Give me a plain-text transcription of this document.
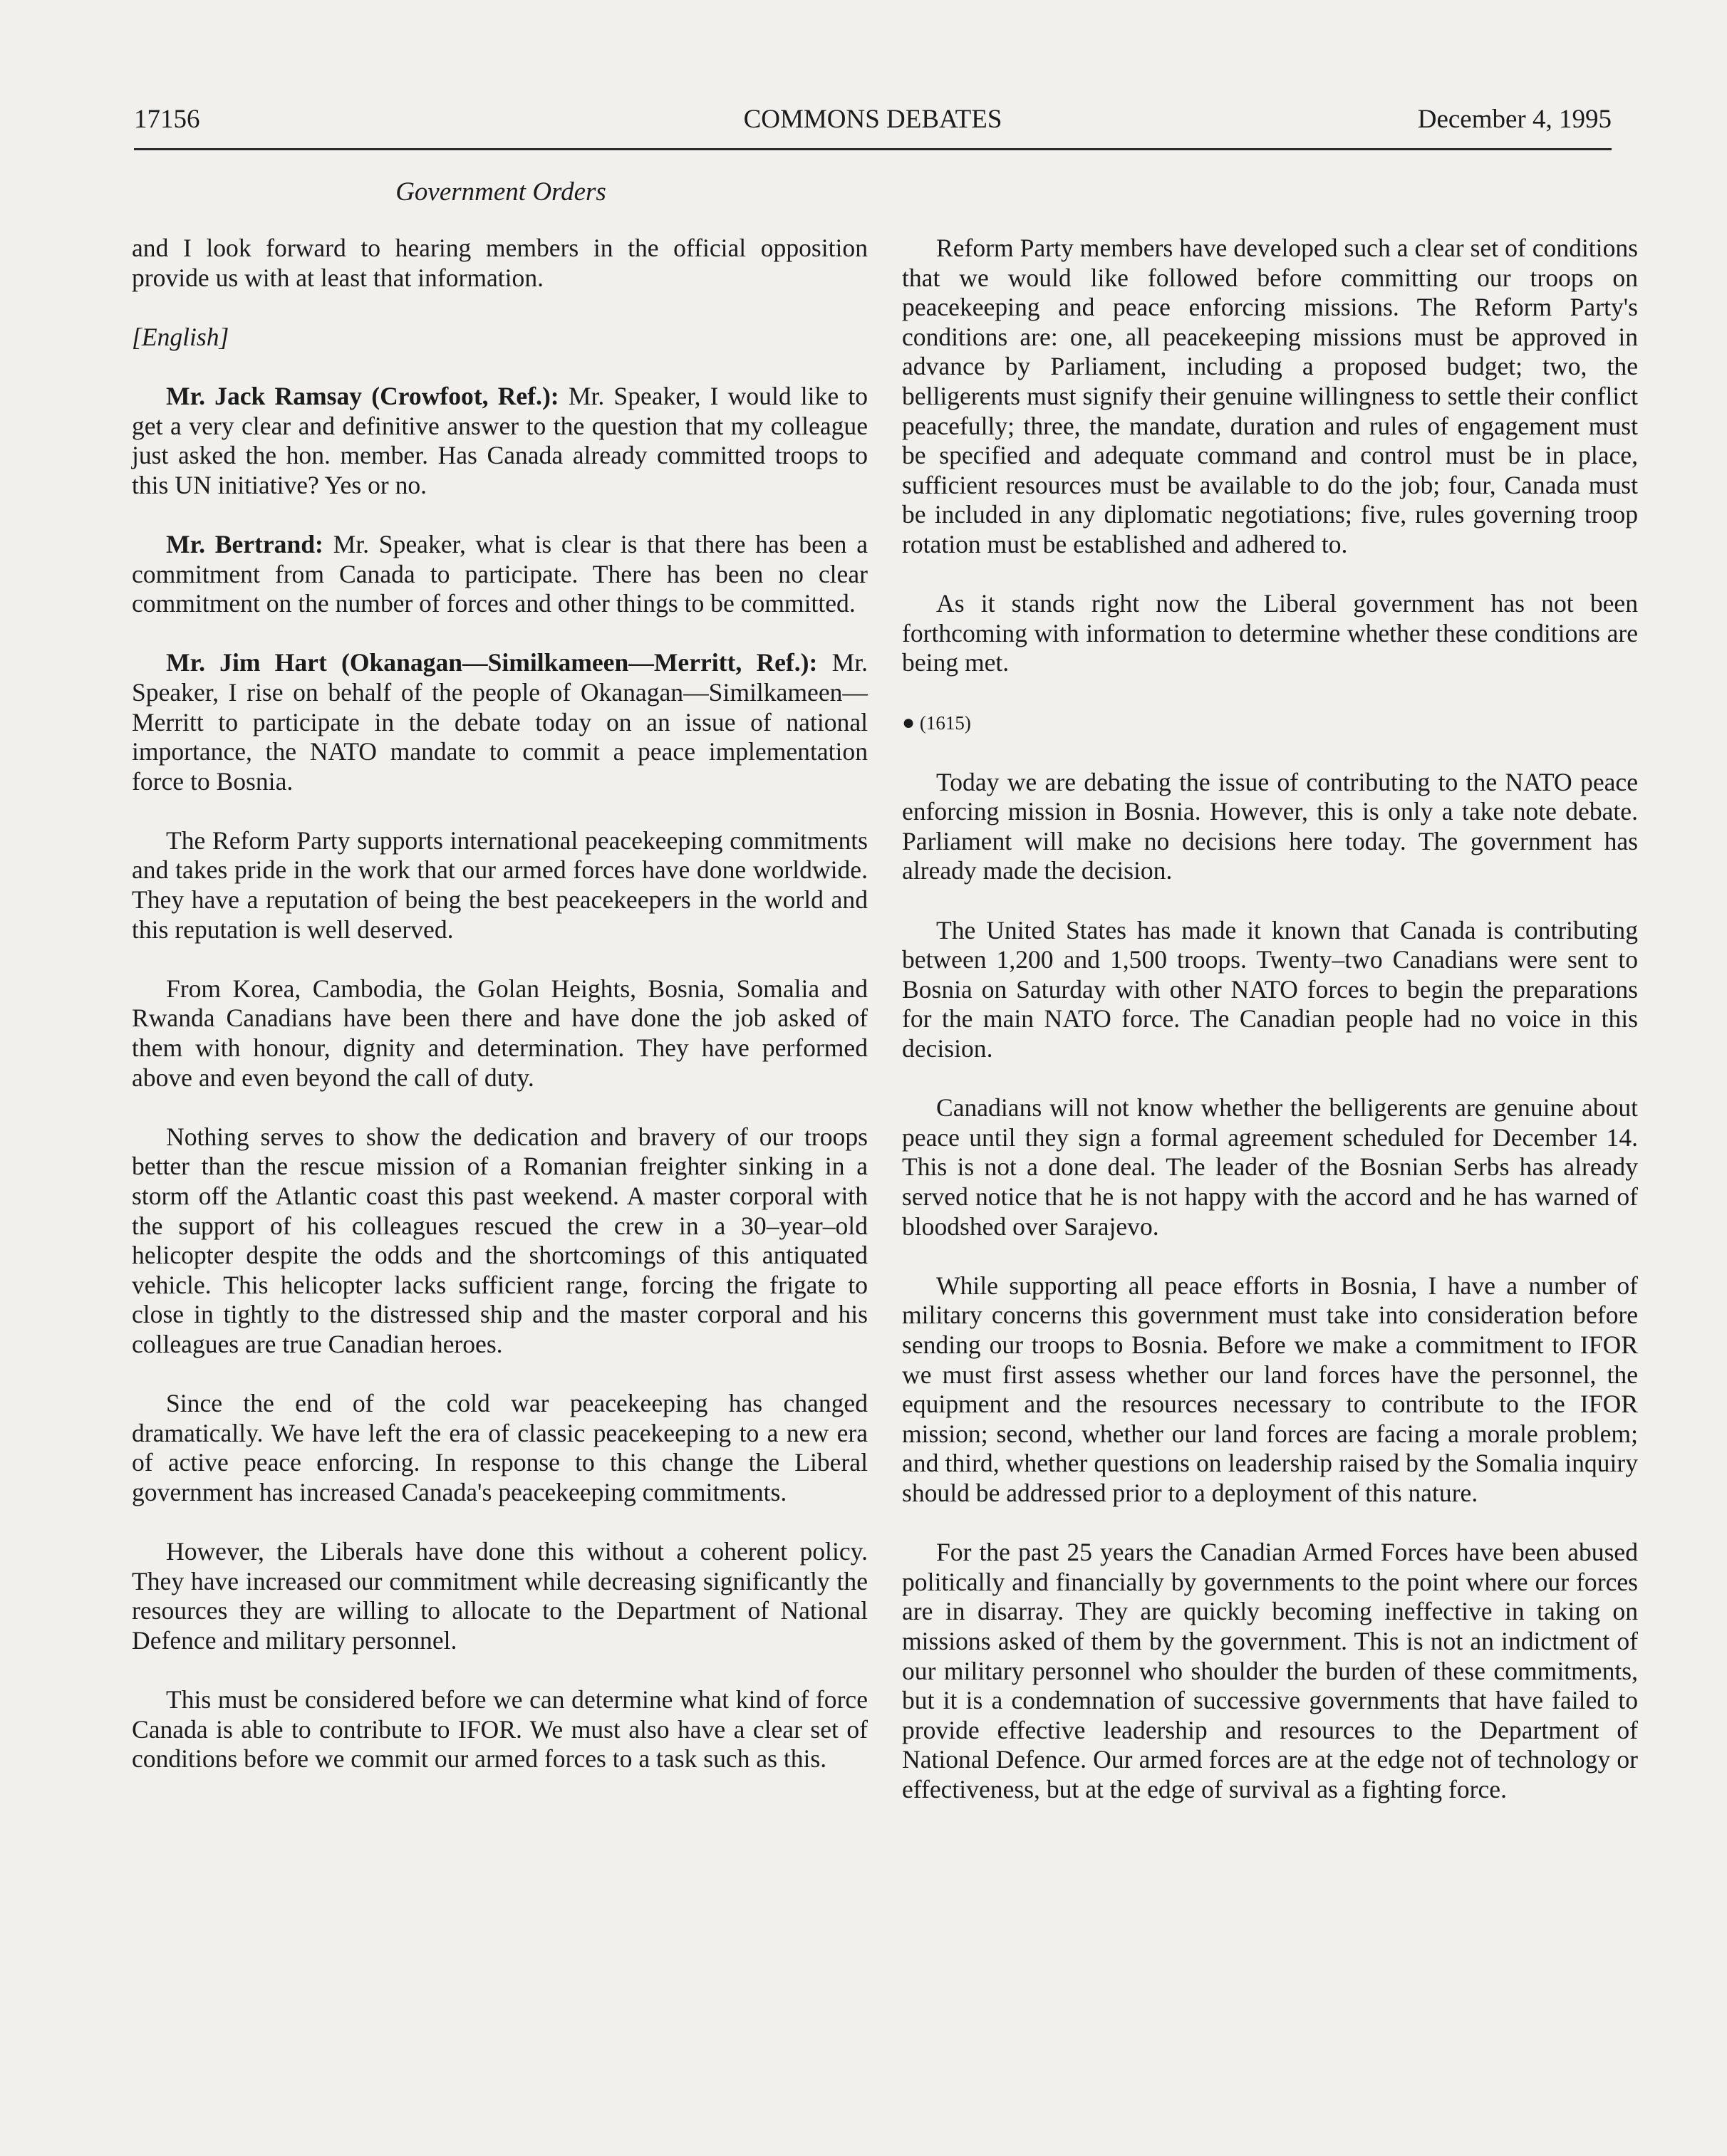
17156	COMMONS DEBATES	December 4, 1995
Government Orders

and I look forward to hearing members in the official opposition provide us with at least that information.

[English]

Mr. Jack Ramsay (Crowfoot, Ref.): Mr. Speaker, I would like to get a very clear and definitive answer to the question that my colleague just asked the hon. member. Has Canada already committed troops to this UN initiative? Yes or no.

Mr. Bertrand: Mr. Speaker, what is clear is that there has been a commitment from Canada to participate. There has been no clear commitment on the number of forces and other things to be committed.

Mr. Jim Hart (Okanagan—Similkameen—Merritt, Ref.): Mr. Speaker, I rise on behalf of the people of Okanagan—Similkameen—Merritt to participate in the debate today on an issue of national importance, the NATO mandate to commit a peace implementation force to Bosnia.

The Reform Party supports international peacekeeping commitments and takes pride in the work that our armed forces have done worldwide. They have a reputation of being the best peacekeepers in the world and this reputation is well deserved.

From Korea, Cambodia, the Golan Heights, Bosnia, Somalia and Rwanda Canadians have been there and have done the job asked of them with honour, dignity and determination. They have performed above and even beyond the call of duty.

Nothing serves to show the dedication and bravery of our troops better than the rescue mission of a Romanian freighter sinking in a storm off the Atlantic coast this past weekend. A master corporal with the support of his colleagues rescued the crew in a 30–year–old helicopter despite the odds and the shortcomings of this antiquated vehicle. This helicopter lacks sufficient range, forcing the frigate to close in tightly to the distressed ship and the master corporal and his colleagues are true Canadian heroes.

Since the end of the cold war peacekeeping has changed dramatically. We have left the era of classic peacekeeping to a new era of active peace enforcing. In response to this change the Liberal government has increased Canada's peacekeeping commitments.

However, the Liberals have done this without a coherent policy. They have increased our commitment while decreasing significantly the resources they are willing to allocate to the Department of National Defence and military personnel.

This must be considered before we can determine what kind of force Canada is able to contribute to IFOR. We must also have a clear set of conditions before we commit our armed forces to a task such as this.

Reform Party members have developed such a clear set of conditions that we would like followed before committing our troops on peacekeeping and peace enforcing missions. The Reform Party's conditions are: one, all peacekeeping missions must be approved in advance by Parliament, including a proposed budget; two, the belligerents must signify their genuine willingness to settle their conflict peacefully; three, the mandate, duration and rules of engagement must be specified and adequate command and control must be in place, sufficient resources must be available to do the job; four, Canada must be included in any diplomatic negotiations; five, rules governing troop rotation must be established and adhered to.

As it stands right now the Liberal government has not been forthcoming with information to determine whether these conditions are being met.

● (1615)

Today we are debating the issue of contributing to the NATO peace enforcing mission in Bosnia. However, this is only a take note debate. Parliament will make no decisions here today. The government has already made the decision.

The United States has made it known that Canada is contributing between 1,200 and 1,500 troops. Twenty–two Canadians were sent to Bosnia on Saturday with other NATO forces to begin the preparations for the main NATO force. The Canadian people had no voice in this decision.

Canadians will not know whether the belligerents are genuine about peace until they sign a formal agreement scheduled for December 14. This is not a done deal. The leader of the Bosnian Serbs has already served notice that he is not happy with the accord and he has warned of bloodshed over Sarajevo.

While supporting all peace efforts in Bosnia, I have a number of military concerns this government must take into consideration before sending our troops to Bosnia. Before we make a commitment to IFOR we must first assess whether our land forces have the personnel, the equipment and the resources necessary to contribute to the IFOR mission; second, whether our land forces are facing a morale problem; and third, whether questions on leadership raised by the Somalia inquiry should be addressed prior to a deployment of this nature.

For the past 25 years the Canadian Armed Forces have been abused politically and financially by governments to the point where our forces are in disarray. They are quickly becoming ineffective in taking on missions asked of them by the government. This is not an indictment of our military personnel who shoulder the burden of these commitments, but it is a condemnation of successive governments that have failed to provide effective leadership and resources to the Department of National Defence. Our armed forces are at the edge not of technology or effectiveness, but at the edge of survival as a fighting force.
